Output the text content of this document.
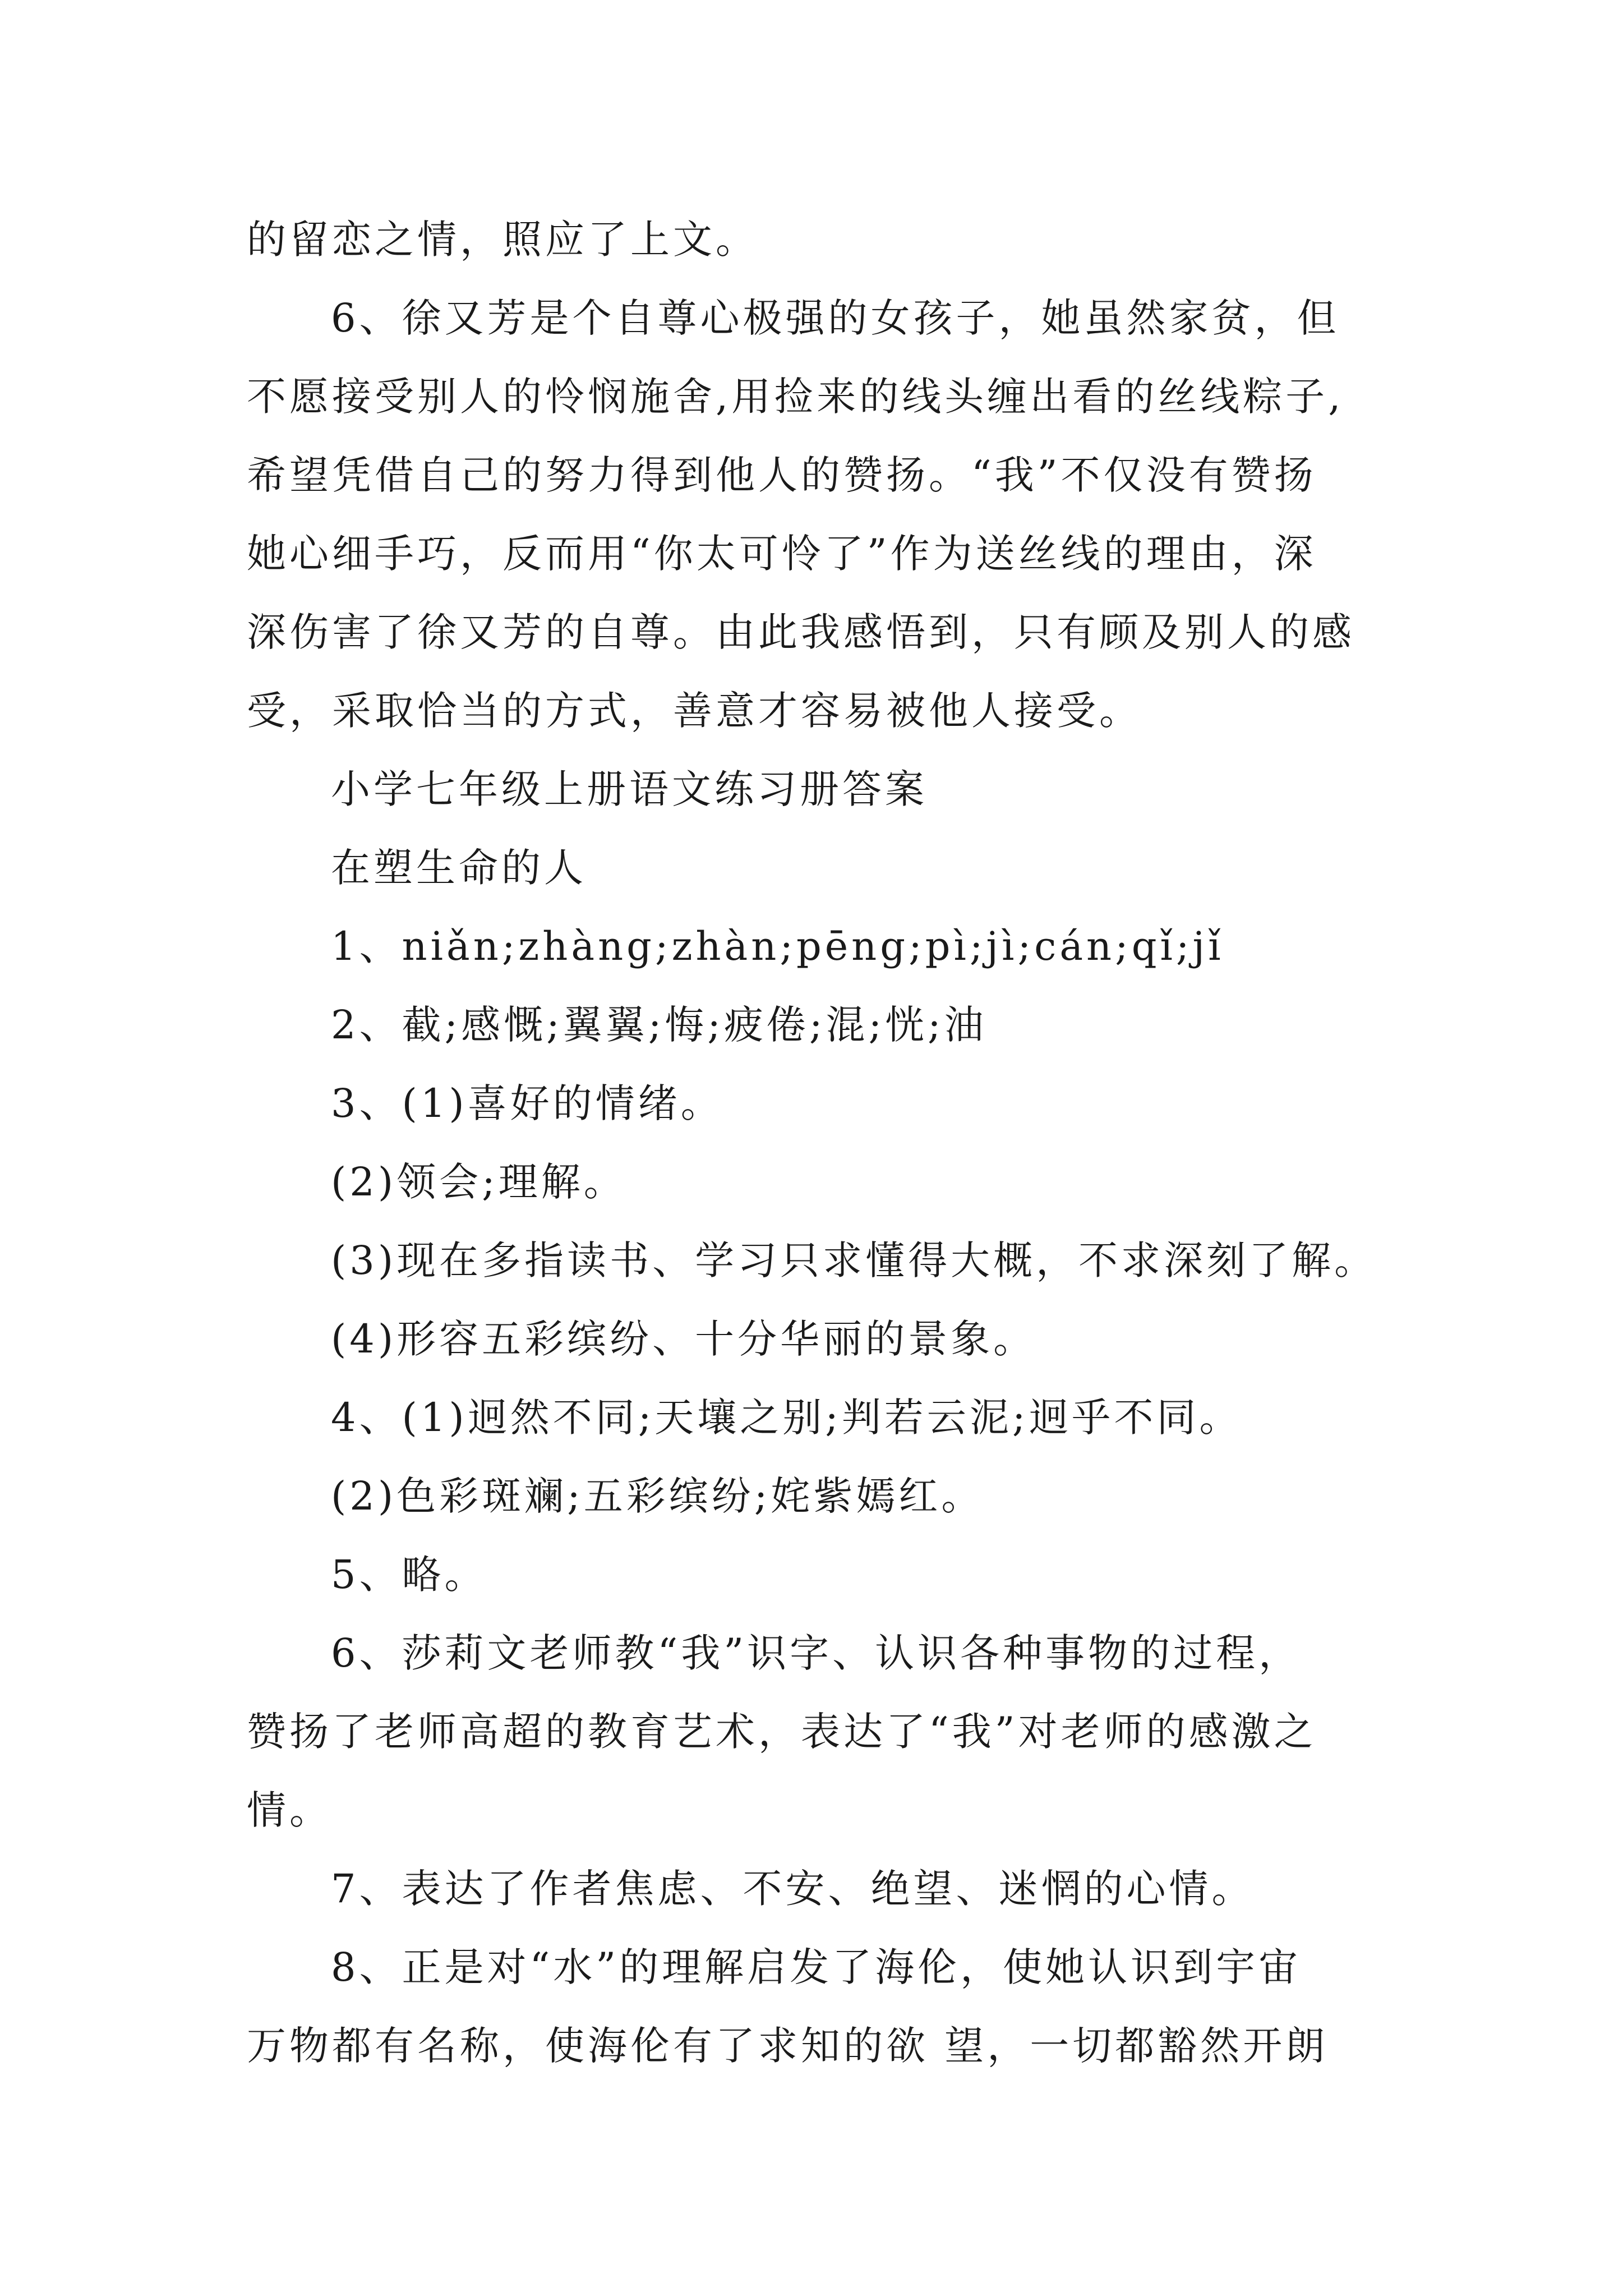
的留恋之情，照应了上文。
6、徐又芳是个自尊心极强的女孩子，她虽然家贫，但
不愿接受别人的怜悯施舍,用捡来的线头缠出看的丝线粽子,
希望凭借自己的努力得到他人的赞扬。“我”不仅没有赞扬
她心细手巧，反而用“你太可怜了”作为送丝线的理由，深
深伤害了徐又芳的自尊。由此我感悟到，只有顾及别人的感
受，采取恰当的方式，善意才容易被他人接受。
小学七年级上册语文练习册答案
在塑生命的人
1、niǎn;zhàng;zhàn;pēng;pì;jì;cán;qǐ;jǐ
2、截;感慨;翼翼;悔;疲倦;混;恍;油
3、(1)喜好的情绪。
(2)领会;理解。
(3)现在多指读书、学习只求懂得大概，不求深刻了解。
(4)形容五彩缤纷、十分华丽的景象。
4、(1)迥然不同;天壤之别;判若云泥;迥乎不同。
(2)色彩斑斓;五彩缤纷;姹紫嫣红。
5、略。
6、莎莉文老师教“我”识字、认识各种事物的过程，
赞扬了老师高超的教育艺术，表达了“我”对老师的感激之
情。
7、表达了作者焦虑、不安、绝望、迷惘的心情。
8、正是对“水”的理解启发了海伦，使她认识到宇宙
万物都有名称，使海伦有了求知的欲 望，一切都豁然开朗
